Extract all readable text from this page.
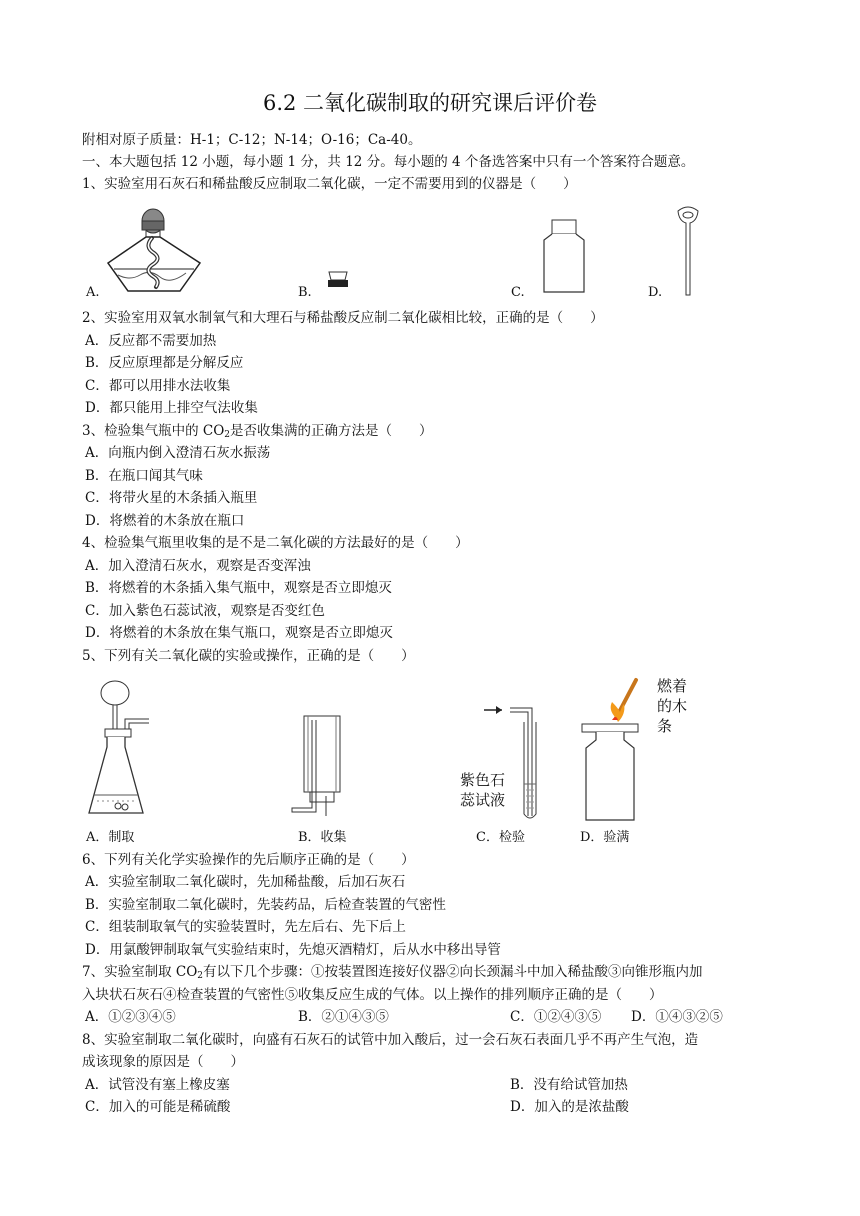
6.2 二氧化碳制取的研究课后评价卷
附相对原子质量：H-1；C-12；N-14；O-16；Ca-40。
一、本大题包括 12 小题，每小题 1 分，共 12 分。每小题的 4 个备选答案中只有一个答案符合题意。
1、实验室用石灰石和稀盐酸反应制取二氧化碳，一定不需要用到的仪器是（　　）
A.	B.	C.	D.
2、实验室用双氧水制氧气和大理石与稀盐酸反应制二氧化碳相比较，正确的是（　　）
A．反应都不需要加热
B．反应原理都是分解反应
C．都可以用排水法收集
D．都只能用上排空气法收集
3、检验集气瓶中的 $CO_2$是否收集满的正确方法是（　　）
A．向瓶内倒入澄清石灰水振荡
B．在瓶口闻其气味
C．将带火星的木条插入瓶里
D．将燃着的木条放在瓶口
4、检验集气瓶里收集的是不是二氧化碳的方法最好的是（　　）
A．加入澄清石灰水，观察是否变浑浊
B．将燃着的木条插入集气瓶中，观察是否立即熄灭
C．加入紫色石蕊试液，观察是否变红色
D．将燃着的木条放在集气瓶口，观察是否立即熄灭
5、下列有关二氧化碳的实验或操作，正确的是（　　）
A．制取	B．收集
紫色石
蕊试液
C．检验
燃着
的木
条
D．验满
6、下列有关化学实验操作的先后顺序正确的是（　　）
A．实验室制取二氧化碳时，先加稀盐酸，后加石灰石
B．实验室制取二氧化碳时，先装药品，后检查装置的气密性
C．组装制取氧气的实验装置时，先左后右、先下后上
D．用氯酸钾制取氧气实验结束时，先熄灭酒精灯，后从水中移出导管
7、实验室制取 $CO_2$有以下几个步骤：①按装置图连接好仪器②向长颈漏斗中加入稀盐酸③向锥形瓶内加
入块状石灰石④检查装置的气密性⑤收集反应生成的气体。以上操作的排列顺序正确的是（　　）
A．①②③④⑤	B．②①④③⑤	C．①②④③⑤ D．①④③②⑤
8、实验室制取二氧化碳时，向盛有石灰石的试管中加入酸后，过一会石灰石表面几乎不再产生气泡，造
成该现象的原因是（　　）
A．试管没有塞上橡皮塞	B．没有给试管加热
C．加入的可能是稀硫酸	D．加入的是浓盐酸
